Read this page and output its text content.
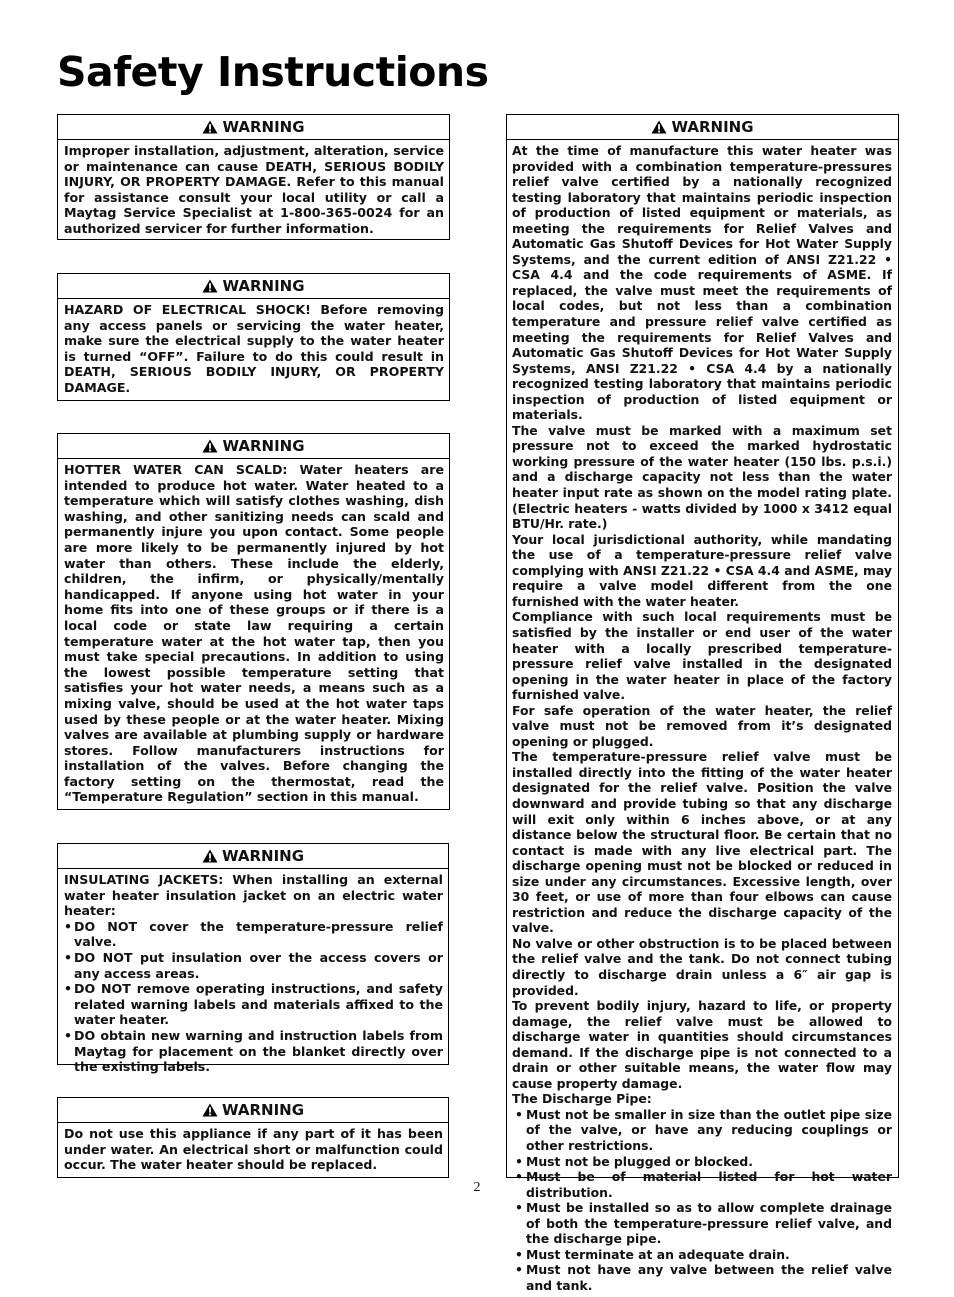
Safety Instructions
WARNING

Improper installation, adjustment, alteration, service or maintenance can cause DEATH, SERIOUS BODILY INJURY, OR PROPERTY DAMAGE. Refer to this manual for assistance consult your local utility or call a Maytag Service Specialist at 1-800-365-0024 for an authorized servicer for further information.

WARNING

HAZARD OF ELECTRICAL SHOCK! Before removing any access panels or servicing the water heater, make sure the electrical supply to the water heater is turned “OFF”. Failure to do this could result in DEATH, SERIOUS BODILY INJURY, OR PROPERTY DAMAGE.

WARNING

HOTTER WATER CAN SCALD: Water heaters are intended to produce hot water. Water heated to a temperature which will satisfy clothes washing, dish washing, and other sanitizing needs can scald and permanently injure you upon contact. Some people are more likely to be permanently injured by hot water than others. These include the elderly, children, the infirm, or physically/mentally handicapped. If anyone using hot water in your home fits into one of these groups or if there is a local code or state law requiring a certain temperature water at the hot water tap, then you must take special precautions. In addition to using the lowest possible temperature setting that satisfies your hot water needs, a means such as a mixing valve, should be used at the hot water taps used by these people or at the water heater. Mixing valves are available at plumbing supply or hardware stores. Follow manufacturers instructions for installation of the valves. Before changing the factory setting on the thermostat, read the “Temperature Regulation” section in this manual.

WARNING

INSULATING JACKETS: When installing an external water heater insulation jacket on an electric water heater:

• DO NOT cover the temperature-pressure relief valve.
• DO NOT put insulation over the access covers or any access areas.
• DO NOT remove operating instructions, and safety related warning labels and materials affixed to the water heater.
• DO obtain new warning and instruction labels from Maytag for placement on the blanket directly over the existing labels.
WARNING

Do not use this appliance if any part of it has been under water. An electrical short or malfunction could occur. The water heater should be replaced.

WARNING

At the time of manufacture this water heater was provided with a combination temperature-pressures relief valve certified by a nationally recognized testing laboratory that maintains periodic inspection of production of listed equipment or materials, as meeting the requirements for Relief Valves and Automatic Gas Shutoff Devices for Hot Water Supply Systems, and the current edition of ANSI Z21.22 • CSA 4.4 and the code requirements of ASME. If replaced, the valve must meet the requirements of local codes, but not less than a combination temperature and pressure relief valve certified as meeting the requirements for Relief Valves and Automatic Gas Shutoff Devices for Hot Water Supply Systems, ANSI Z21.22 • CSA 4.4 by a nationally recognized testing laboratory that maintains periodic inspection of production of listed equipment or materials.

The valve must be marked with a maximum set pressure not to exceed the marked hydrostatic working pressure of the water heater (150 lbs. p.s.i.) and a discharge capacity not less than the water heater input rate as shown on the model rating plate. (Electric heaters - watts divided by 1000 x 3412 equal BTU/Hr. rate.)

Your local jurisdictional authority, while mandating the use of a temperature-pressure relief valve complying with ANSI Z21.22 • CSA 4.4 and ASME, may require a valve model different from the one furnished with the water heater.

Compliance with such local requirements must be satisfied by the installer or end user of the water heater with a locally prescribed temperature-pressure relief valve installed in the designated opening in the water heater in place of the factory furnished valve.

For safe operation of the water heater, the relief valve must not be removed from it’s designated opening or plugged.

The temperature-pressure relief valve must be installed directly into the fitting of the water heater designated for the relief valve. Position the valve downward and provide tubing so that any discharge will exit only within 6 inches above, or at any distance below the structural floor. Be certain that no contact is made with any live electrical part. The discharge opening must not be blocked or reduced in size under any circumstances. Excessive length, over 30 feet, or use of more than four elbows can cause restriction and reduce the discharge capacity of the valve.

No valve or other obstruction is to be placed between the relief valve and the tank. Do not connect tubing directly to discharge drain unless a 6″ air gap is provided.

To prevent bodily injury, hazard to life, or property damage, the relief valve must be allowed to discharge water in quantities should circumstances demand. If the discharge pipe is not connected to a drain or other suitable means, the water flow may cause property damage.

The Discharge Pipe:

• Must not be smaller in size than the outlet pipe size of the valve, or have any reducing couplings or other restrictions.
• Must not be plugged or blocked.
• Must be of material listed for hot water distribution.
• Must be installed so as to allow complete drainage of both the temperature-pressure relief valve, and the discharge pipe.
• Must terminate at an adequate drain.
• Must not have any valve between the relief valve and tank.
2
